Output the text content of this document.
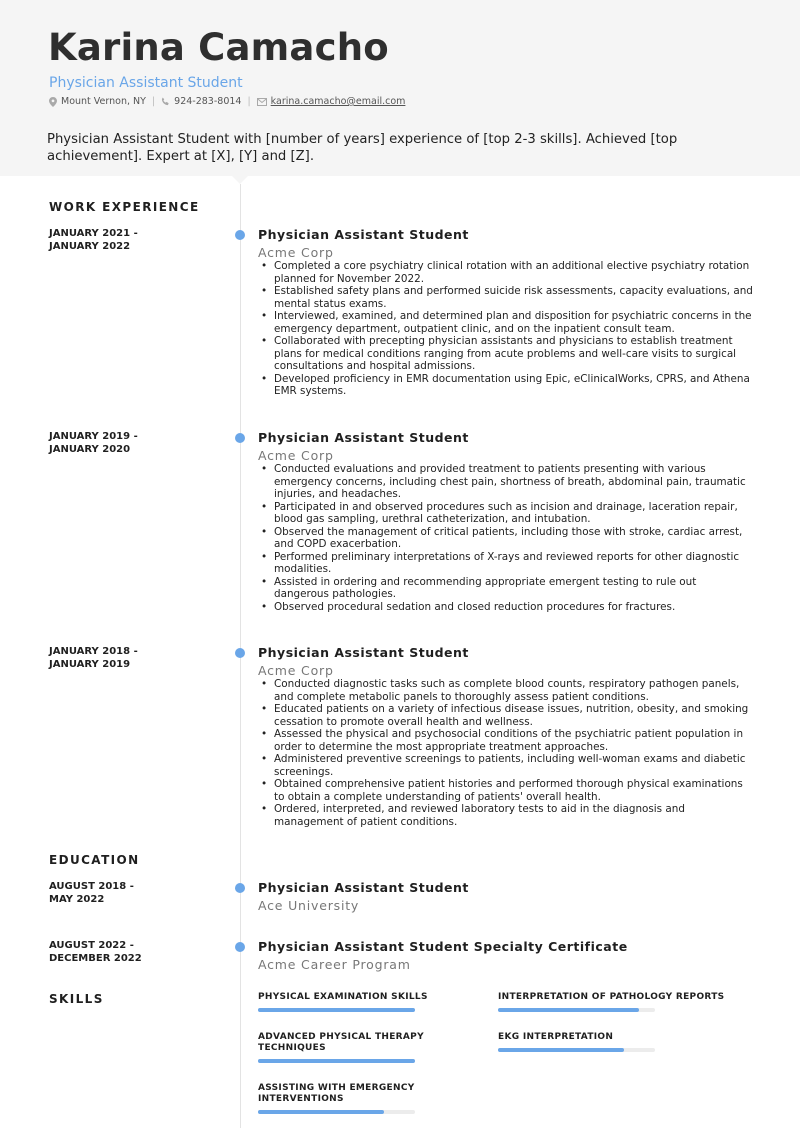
Karina Camacho
Physician Assistant Student
Mount Vernon, NY | 924-283-8014 | karina.camacho@email.com
Physician Assistant Student with [number of years] experience of [top 2-3 skills]. Achieved [top achievement]. Expert at [X], [Y] and [Z].
WORK EXPERIENCE
JANUARY 2021 -
JANUARY 2022
Physician Assistant Student
Acme Corp
• Completed a core psychiatry clinical rotation with an additional elective psychiatry rotation planned for November 2022.
• Established safety plans and performed suicide risk assessments, capacity evaluations, and mental status exams.
• Interviewed, examined, and determined plan and disposition for psychiatric concerns in the emergency department, outpatient clinic, and on the inpatient consult team.
• Collaborated with precepting physician assistants and physicians to establish treatment plans for medical conditions ranging from acute problems and well-care visits to surgical consultations and hospital admissions.
• Developed proficiency in EMR documentation using Epic, eClinicalWorks, CPRS, and Athena EMR systems.
JANUARY 2019 -
JANUARY 2020
Physician Assistant Student
Acme Corp
• Conducted evaluations and provided treatment to patients presenting with various emergency concerns, including chest pain, shortness of breath, abdominal pain, traumatic injuries, and headaches.
• Participated in and observed procedures such as incision and drainage, laceration repair, blood gas sampling, urethral catheterization, and intubation.
• Observed the management of critical patients, including those with stroke, cardiac arrest, and COPD exacerbation.
• Performed preliminary interpretations of X-rays and reviewed reports for other diagnostic modalities.
• Assisted in ordering and recommending appropriate emergent testing to rule out dangerous pathologies.
• Observed procedural sedation and closed reduction procedures for fractures.
JANUARY 2018 -
JANUARY 2019
Physician Assistant Student
Acme Corp
• Conducted diagnostic tasks such as complete blood counts, respiratory pathogen panels, and complete metabolic panels to thoroughly assess patient conditions.
• Educated patients on a variety of infectious disease issues, nutrition, obesity, and smoking cessation to promote overall health and wellness.
• Assessed the physical and psychosocial conditions of the psychiatric patient population in order to determine the most appropriate treatment approaches.
• Administered preventive screenings to patients, including well-woman exams and diabetic screenings.
• Obtained comprehensive patient histories and performed thorough physical examinations to obtain a complete understanding of patients' overall health.
• Ordered, interpreted, and reviewed laboratory tests to aid in the diagnosis and management of patient conditions.
EDUCATION
AUGUST 2018 -
MAY 2022
Physician Assistant Student
Ace University
AUGUST 2022 -
DECEMBER 2022
Physician Assistant Student Specialty Certificate
Acme Career Program
SKILLS	PHYSICAL EXAMINATION SKILLS	INTERPRETATION OF PATHOLOGY REPORTS
ADVANCED PHYSICAL THERAPY TECHNIQUES
EKG INTERPRETATION
ASSISTING WITH EMERGENCY INTERVENTIONS
